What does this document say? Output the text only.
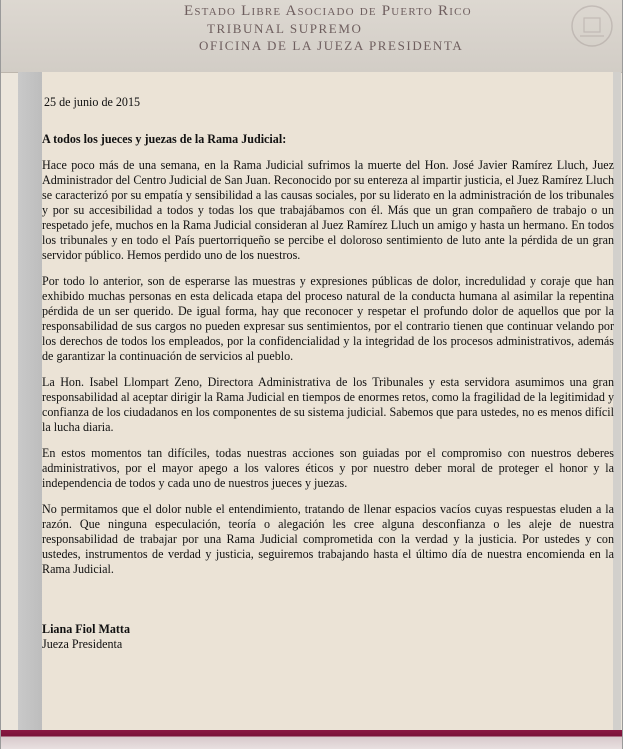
Estado Libre Asociado de Puerto Rico
TRIBUNAL SUPREMO
OFICINA DE LA JUEZA PRESIDENTA

25 de junio de 2015

A todos los jueces y juezas de la Rama Judicial:

Hace poco más de una semana, en la Rama Judicial sufrimos la muerte del Hon. José Javier Ramírez Lluch, Juez Administrador del Centro Judicial de San Juan. Reconocido por su entereza al impartir justicia, el Juez Ramírez Lluch se caracterizó por su empatía y sensibilidad a las causas sociales, por su liderato en la administración de los tribunales y por su accesibilidad a todos y todas los que trabajábamos con él. Más que un gran compañero de trabajo o un respetado jefe, muchos en la Rama Judicial consideran al Juez Ramírez Lluch un amigo y hasta un hermano. En todos los tribunales y en todo el País puertorriqueño se percibe el doloroso sentimiento de luto ante la pérdida de un gran servidor público. Hemos perdido uno de los nuestros.

Por todo lo anterior, son de esperarse las muestras y expresiones públicas de dolor, incredulidad y coraje que han exhibido muchas personas en esta delicada etapa del proceso natural de la conducta humana al asimilar la repentina pérdida de un ser querido. De igual forma, hay que reconocer y respetar el profundo dolor de aquellos que por la responsabilidad de sus cargos no pueden expresar sus sentimientos, por el contrario tienen que continuar velando por los derechos de todos los empleados, por la confidencialidad y la integridad de los procesos administrativos, además de garantizar la continuación de servicios al pueblo.

La Hon. Isabel Llompart Zeno, Directora Administrativa de los Tribunales y esta servidora asumimos una gran responsabilidad al aceptar dirigir la Rama Judicial en tiempos de enormes retos, como la fragilidad de la legitimidad y confianza de los ciudadanos en los componentes de su sistema judicial. Sabemos que para ustedes, no es menos difícil la lucha diaria.

En estos momentos tan difíciles, todas nuestras acciones son guiadas por el compromiso con nuestros deberes administrativos, por el mayor apego a los valores éticos y por nuestro deber moral de proteger el honor y la independencia de todos y cada uno de nuestros jueces y juezas.

No permitamos que el dolor nuble el entendimiento, tratando de llenar espacios vacíos cuyas respuestas eluden a la razón. Que ninguna especulación, teoría o alegación les cree alguna desconfianza o les aleje de nuestra responsabilidad de trabajar por una Rama Judicial comprometida con la verdad y la justicia. Por ustedes y con ustedes, instrumentos de verdad y justicia, seguiremos trabajando hasta el último día de nuestra encomienda en la Rama Judicial.

Liana Fiol Matta

Jueza Presidenta
